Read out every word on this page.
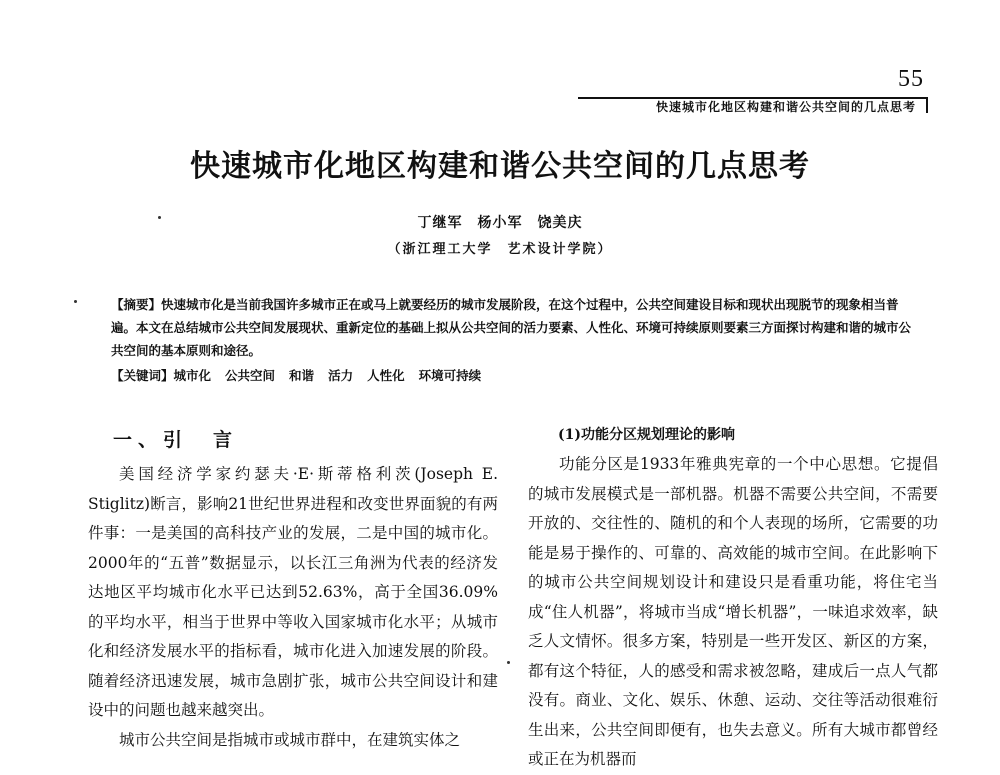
55
快速城市化地区构建和谐公共空间的几点思考
快速城市化地区构建和谐公共空间的几点思考
丁继军　杨小军　饶美庆
（浙江理工大学　艺术设计学院）

【摘要】快速城市化是当前我国许多城市正在或马上就要经历的城市发展阶段，在这个过程中，公共空间建设目标和现状出现脱节的现象相当普遍。本文在总结城市公共空间发展现状、重新定位的基础上拟从公共空间的活力要素、人性化、环境可持续原则要素三方面探讨构建和谐的城市公共空间的基本原则和途径。

【关键词】城市化 公共空间 和谐 活力 人性化 环境可持续

一、引　言

美国经济学家约瑟夫·E·斯蒂格利茨(Joseph E. Stiglitz)断言，影响21世纪世界进程和改变世界面貌的有两件事：一是美国的高科技产业的发展，二是中国的城市化。2000年的“五普”数据显示，以长江三角洲为代表的经济发达地区平均城市化水平已达到52.63%，高于全国36.09%的平均水平，相当于世界中等收入国家城市化水平；从城市化和经济发展水平的指标看，城市化进入加速发展的阶段。随着经济迅速发展，城市急剧扩张，城市公共空间设计和建设中的问题也越来越突出。

城市公共空间是指城市或城市群中，在建筑实体之

(1)功能分区规划理论的影响

功能分区是1933年雅典宪章的一个中心思想。它提倡的城市发展模式是一部机器。机器不需要公共空间，不需要开放的、交往性的、随机的和个人表现的场所，它需要的功能是易于操作的、可靠的、高效能的城市空间。在此影响下的城市公共空间规划设计和建设只是看重功能，将住宅当成“住人机器”，将城市当成“增长机器”，一味追求效率，缺乏人文情怀。很多方案，特别是一些开发区、新区的方案，都有这个特征，人的感受和需求被忽略，建成后一点人气都没有。商业、文化、娱乐、休憩、运动、交往等活动很难衍生出来，公共空间即便有，也失去意义。所有大城市都曾经或正在为机器而
